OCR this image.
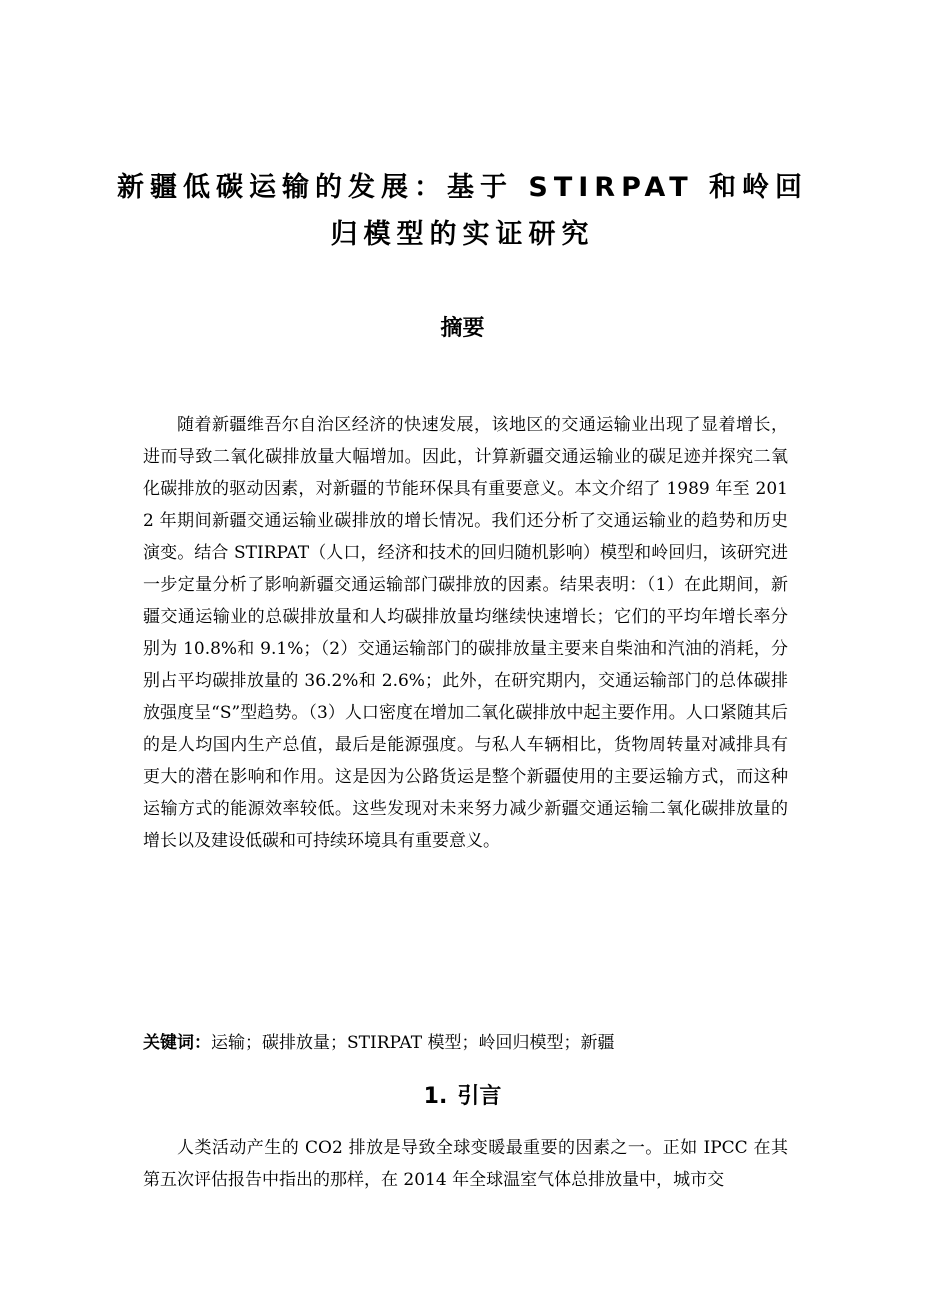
新疆低碳运输的发展：基于 STIRPAT 和岭回
归模型的实证研究
摘要
随着新疆维吾尔自治区经济的快速发展，该地区的交通运输业出现了显着增长，进而导致二氧化碳排放量大幅增加。因此，计算新疆交通运输业的碳足迹并探究二氧化碳排放的驱动因素，对新疆的节能环保具有重要意义。本文介绍了 1989 年至 2012 年期间新疆交通运输业碳排放的增长情况。我们还分析了交通运输业的趋势和历史演变。结合 STIRPAT（人口，经济和技术的回归随机影响）模型和岭回归，该研究进一步定量分析了影响新疆交通运输部门碳排放的因素。结果表明：（1）在此期间，新疆交通运输业的总碳排放量和人均碳排放量均继续快速增长；它们的平均年增长率分别为 10.8%和 9.1%；（2）交通运输部门的碳排放量主要来自柴油和汽油的消耗，分别占平均碳排放量的 36.2%和 2.6%；此外，在研究期内，交通运输部门的总体碳排放强度呈“S”型趋势。（3）人口密度在增加二氧化碳排放中起主要作用。人口紧随其后的是人均国内生产总值，最后是能源强度。与私人车辆相比，货物周转量对减排具有更大的潜在影响和作用。这是因为公路货运是整个新疆使用的主要运输方式，而这种运输方式的能源效率较低。这些发现对未来努力减少新疆交通运输二氧化碳排放量的增长以及建设低碳和可持续环境具有重要意义。
关键词：运输；碳排放量；STIRPAT 模型；岭回归模型；新疆
1. 引言
人类活动产生的 CO2 排放是导致全球变暖最重要的因素之一。正如 IPCC 在其第五次评估报告中指出的那样，在 2014 年全球温室气体总排放量中，城市交
